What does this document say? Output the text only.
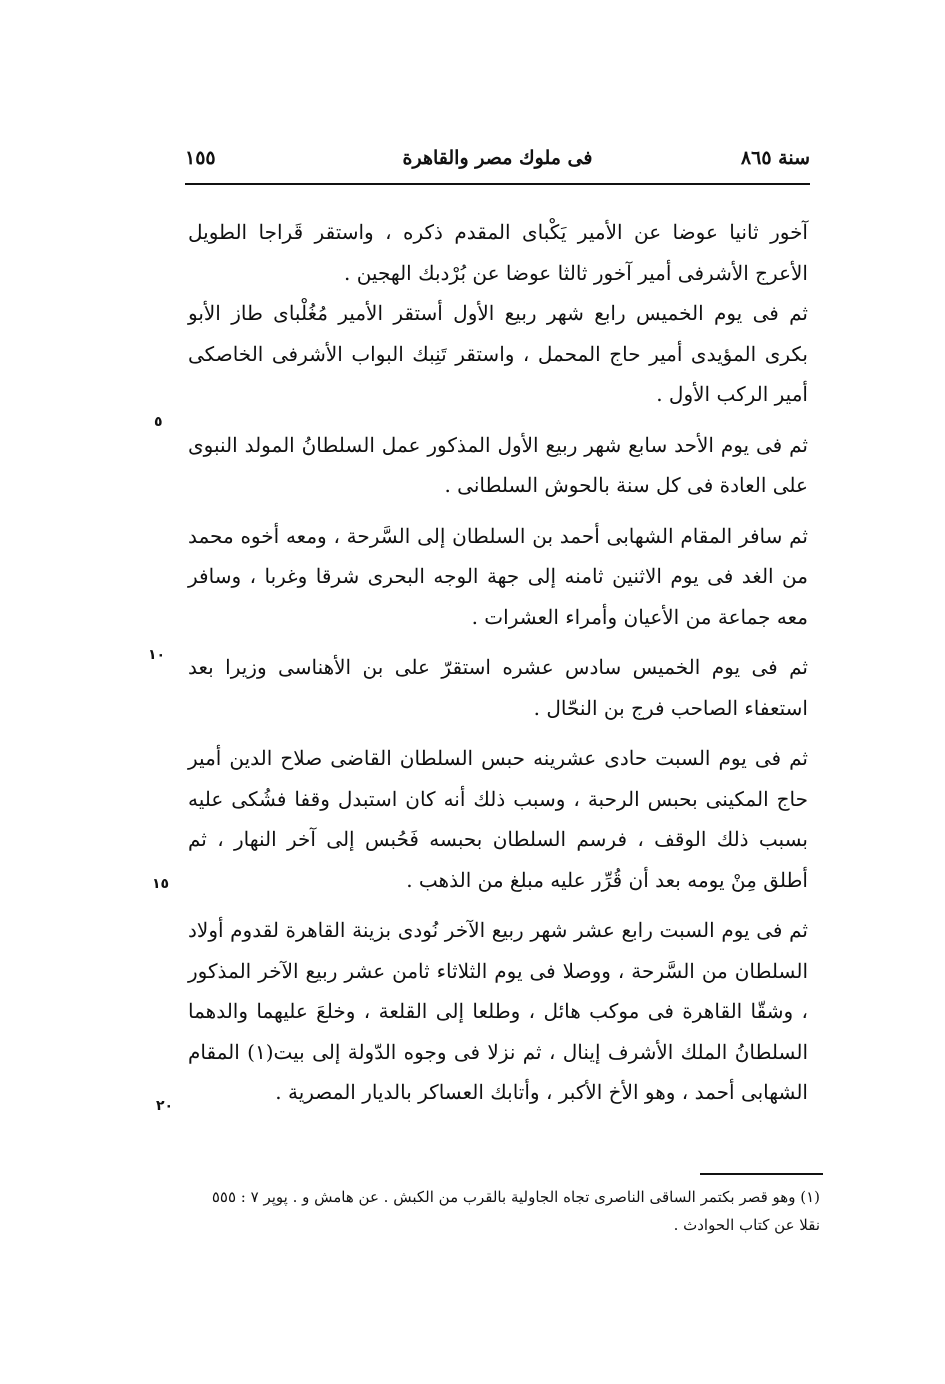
سنة ٨٦٥
فى ملوك مصر والقاهرة
١٥٥

آخور ثانيا عوضا عن الأمير يَكْباى المقدم ذكره ، واستقر قَراجا الطويل الأعرج الأشرفى أمير آخور ثالثا عوضا عن بُرْدبك الهجين .

ثم فى يوم الخميس رابع شهر ربيع الأول أستقر الأمير مُغُلْباى طاز الأبو بكرى المؤيدى أمير حاج المحمل ، واستقر تَنِبك البواب الأشرفى الخاصكى أمير الركب الأول .

ثم فى يوم الأحد سابع شهر ربيع الأول المذكور عمل السلطانُ المولد النبوى على العادة فى كل سنة بالحوش السلطانى .

ثم سافر المقام الشهابى أحمد بن السلطان إلى السَّرحة ، ومعه أخوه محمد من الغد فى يوم الاثنين ثامنه إلى جهة الوجه البحرى شرقا وغربا ، وسافر معه جماعة من الأعيان وأمراء العشرات .

ثم فى يوم الخميس سادس عشره استقرّ على بن الأهناسى وزيرا بعد استعفاء الصاحب فرج بن النحّال .

ثم فى يوم السبت حادى عشرينه حبس السلطان القاضى صلاح الدين أمير حاج المكينى بحبس الرحبة ، وسبب ذلك أنه كان استبدل وقفا فشُكى عليه بسبب ذلك الوقف ، فرسم السلطان بحبسه فَحُبس إلى آخر النهار ، ثم أطلق مِنْ يومه بعد أن قُرِّر عليه مبلغ من الذهب .

ثم فى يوم السبت رابع عشر شهر ربيع الآخر نُودى بزينة القاهرة لقدوم أولاد السلطان من السَّرحة ، ووصلا فى يوم الثلاثاء ثامن عشر ربيع الآخر المذكور ، وشقّا القاهرة فى موكب هائل ، وطلعا إلى القلعة ، وخلعَ عليهما والدهما السلطانُ الملك الأشرف إينال ، ثم نزلا فى وجوه الدّولة إلى بيت(١) المقام الشهابى أحمد ، وهو الأخ الأكبر ، وأتابك العساكر بالديار المصرية .

٥
١٠
١٥
٢٠
(١) وهو قصر بكتمر الساقى الناصرى تجاه الجاولية بالقرب من الكبش . عن هامش و . پوپر ٧ : ٥٥٥ نقلا عن كتاب الحوادث .
